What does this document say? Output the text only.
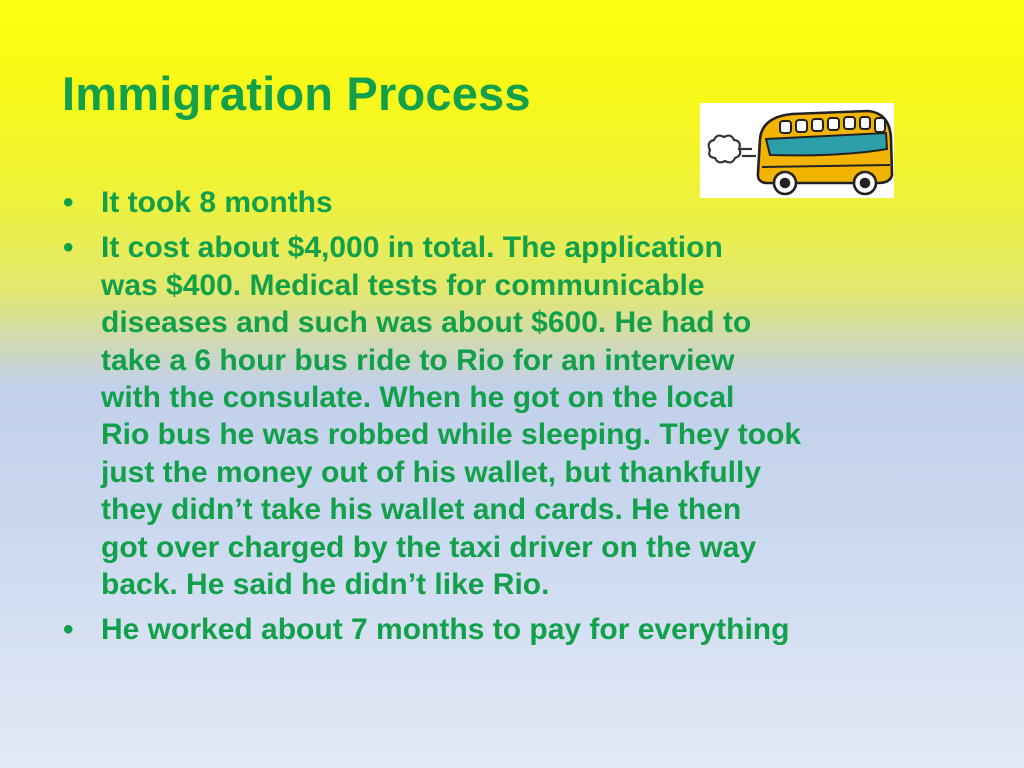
Immigration Process
• It took 8 months
• It cost about $4,000 in total. The application
was $400. Medical tests for communicable
diseases and such was about $600. He had to
take a 6 hour bus ride to Rio for an interview
with the consulate. When he got on the local
Rio bus he was robbed while sleeping. They took
just the money out of his wallet, but thankfully
they didn’t take his wallet and cards. He then
got over charged by the taxi driver on the way
back. He said he didn’t like Rio.
• He worked about 7 months to pay for everything
